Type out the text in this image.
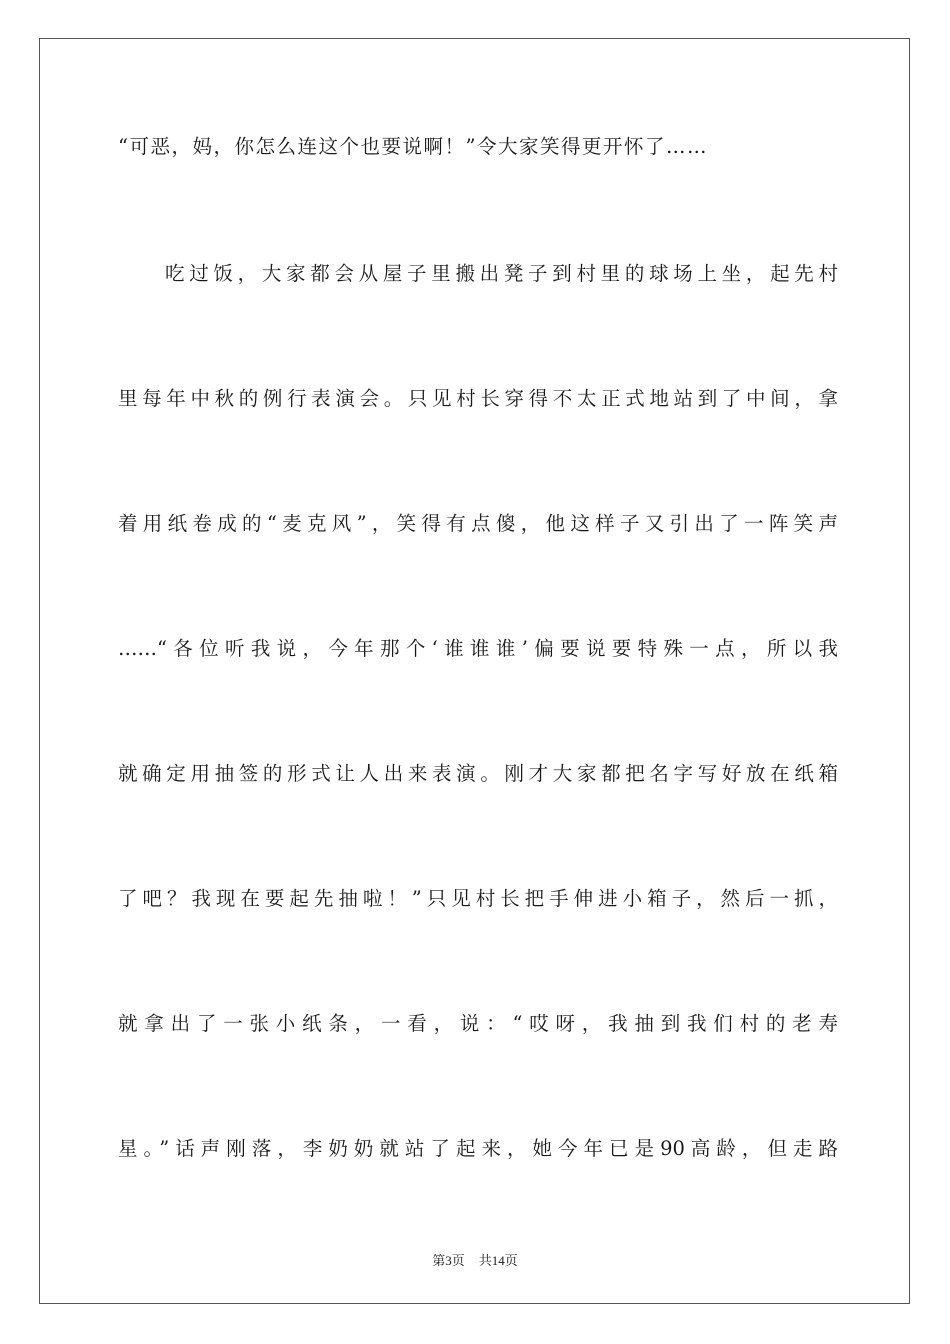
“可恶，妈，你怎么连这个也要说啊！”令大家笑得更开怀了……
吃过饭，大家都会从屋子里搬出凳子到村里的球场上坐，起先村
里每年中秋的例行表演会。只见村长穿得不太正式地站到了中间，拿
着用纸卷成的“麦克风”，笑得有点傻，他这样子又引出了一阵笑声
……“各位听我说，今年那个‘谁谁谁’偏要说要特殊一点，所以我
就确定用抽签的形式让人出来表演。刚才大家都把名字写好放在纸箱
了吧？我现在要起先抽啦！”只见村长把手伸进小箱子，然后一抓，
就拿出了一张小纸条，一看，说：“哎呀，我抽到我们村的老寿
星。”话声刚落，李奶奶就站了起来，她今年已是90高龄，但走路
第3页 共14页
